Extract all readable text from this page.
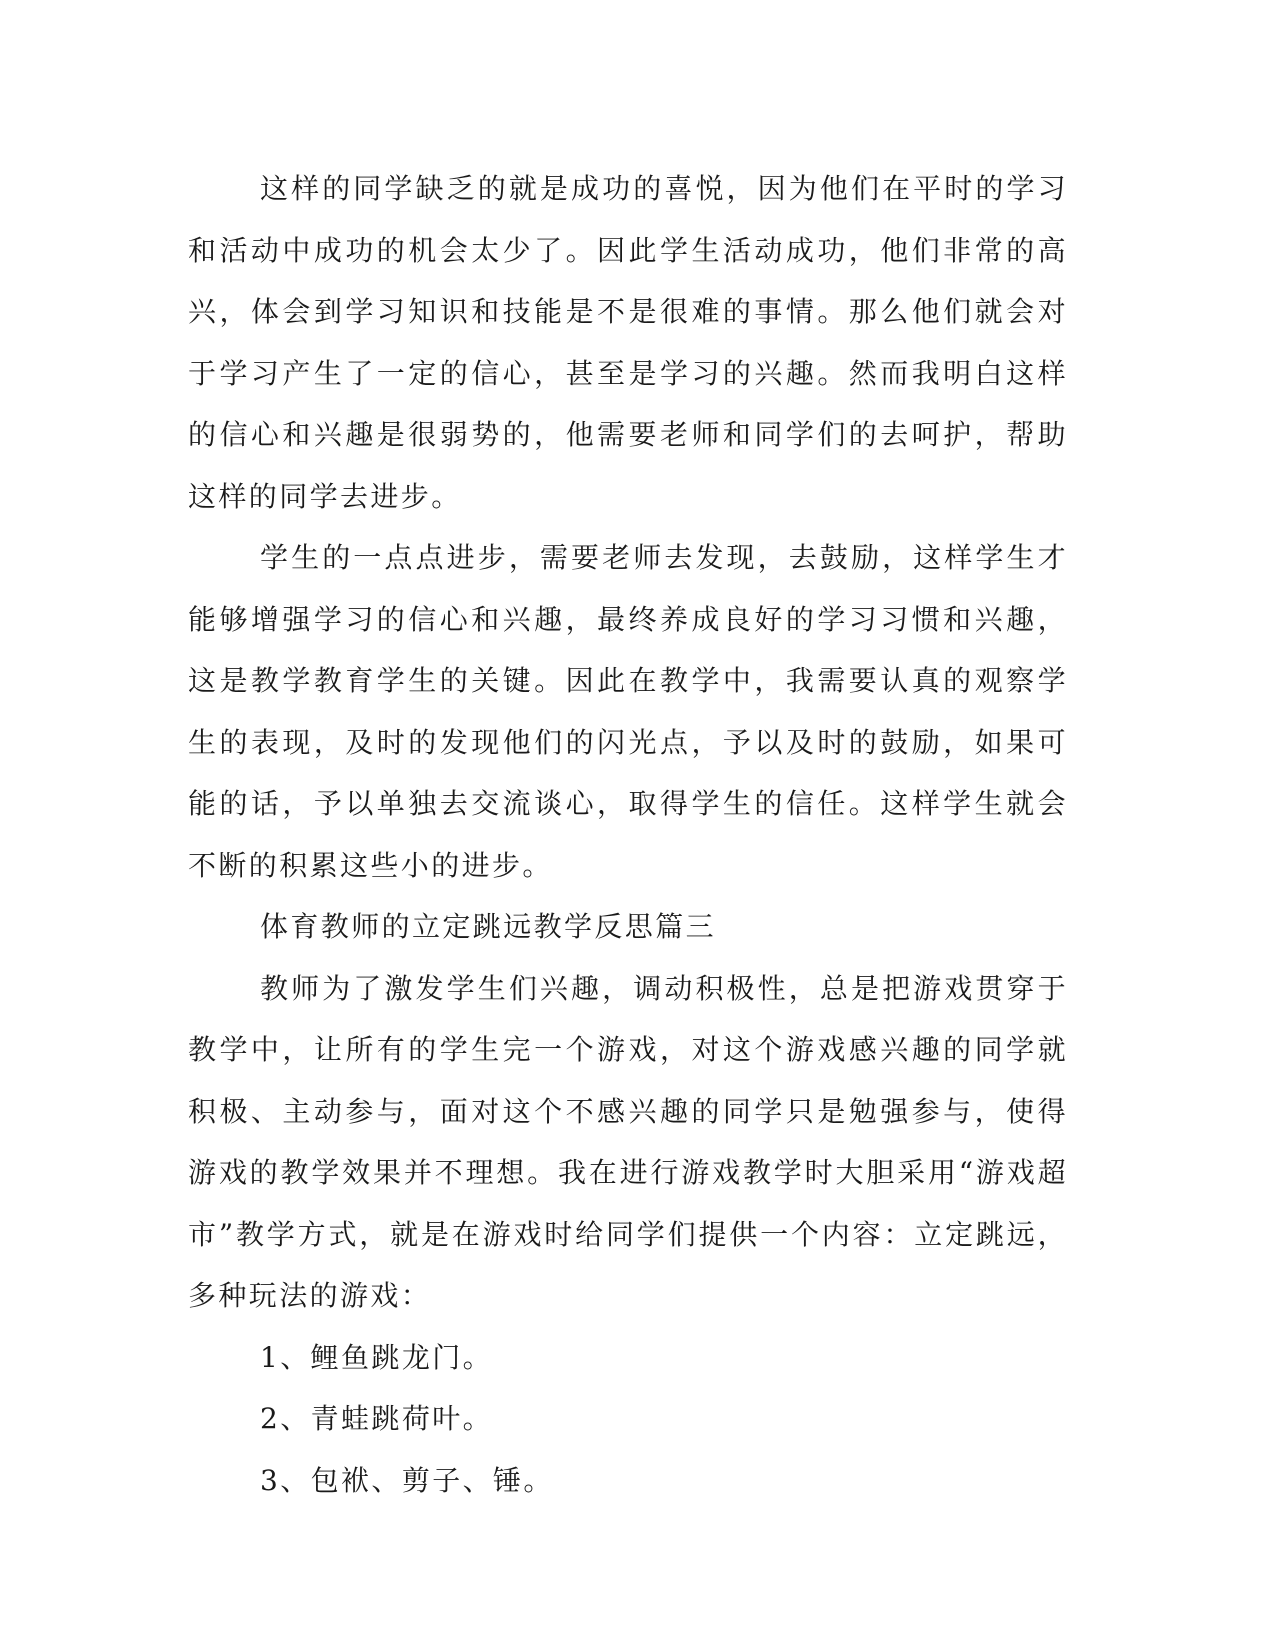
这样的同学缺乏的就是成功的喜悦，因为他们在平时的学习和活动中成功的机会太少了。因此学生活动成功，他们非常的高兴，体会到学习知识和技能是不是很难的事情。那么他们就会对于学习产生了一定的信心，甚至是学习的兴趣。然而我明白这样的信心和兴趣是很弱势的，他需要老师和同学们的去呵护，帮助这样的同学去进步。

学生的一点点进步，需要老师去发现，去鼓励，这样学生才能够增强学习的信心和兴趣，最终养成良好的学习习惯和兴趣，这是教学教育学生的关键。因此在教学中，我需要认真的观察学生的表现，及时的发现他们的闪光点，予以及时的鼓励，如果可能的话，予以单独去交流谈心，取得学生的信任。这样学生就会不断的积累这些小的进步。

体育教师的立定跳远教学反思篇三

教师为了激发学生们兴趣，调动积极性，总是把游戏贯穿于教学中，让所有的学生完一个游戏，对这个游戏感兴趣的同学就积极、主动参与，面对这个不感兴趣的同学只是勉强参与，使得游戏的教学效果并不理想。我在进行游戏教学时大胆采用“游戏超市”教学方式，就是在游戏时给同学们提供一个内容：立定跳远，多种玩法的游戏：

1、鲤鱼跳龙门。

2、青蛙跳荷叶。

3、包袱、剪子、锤。
